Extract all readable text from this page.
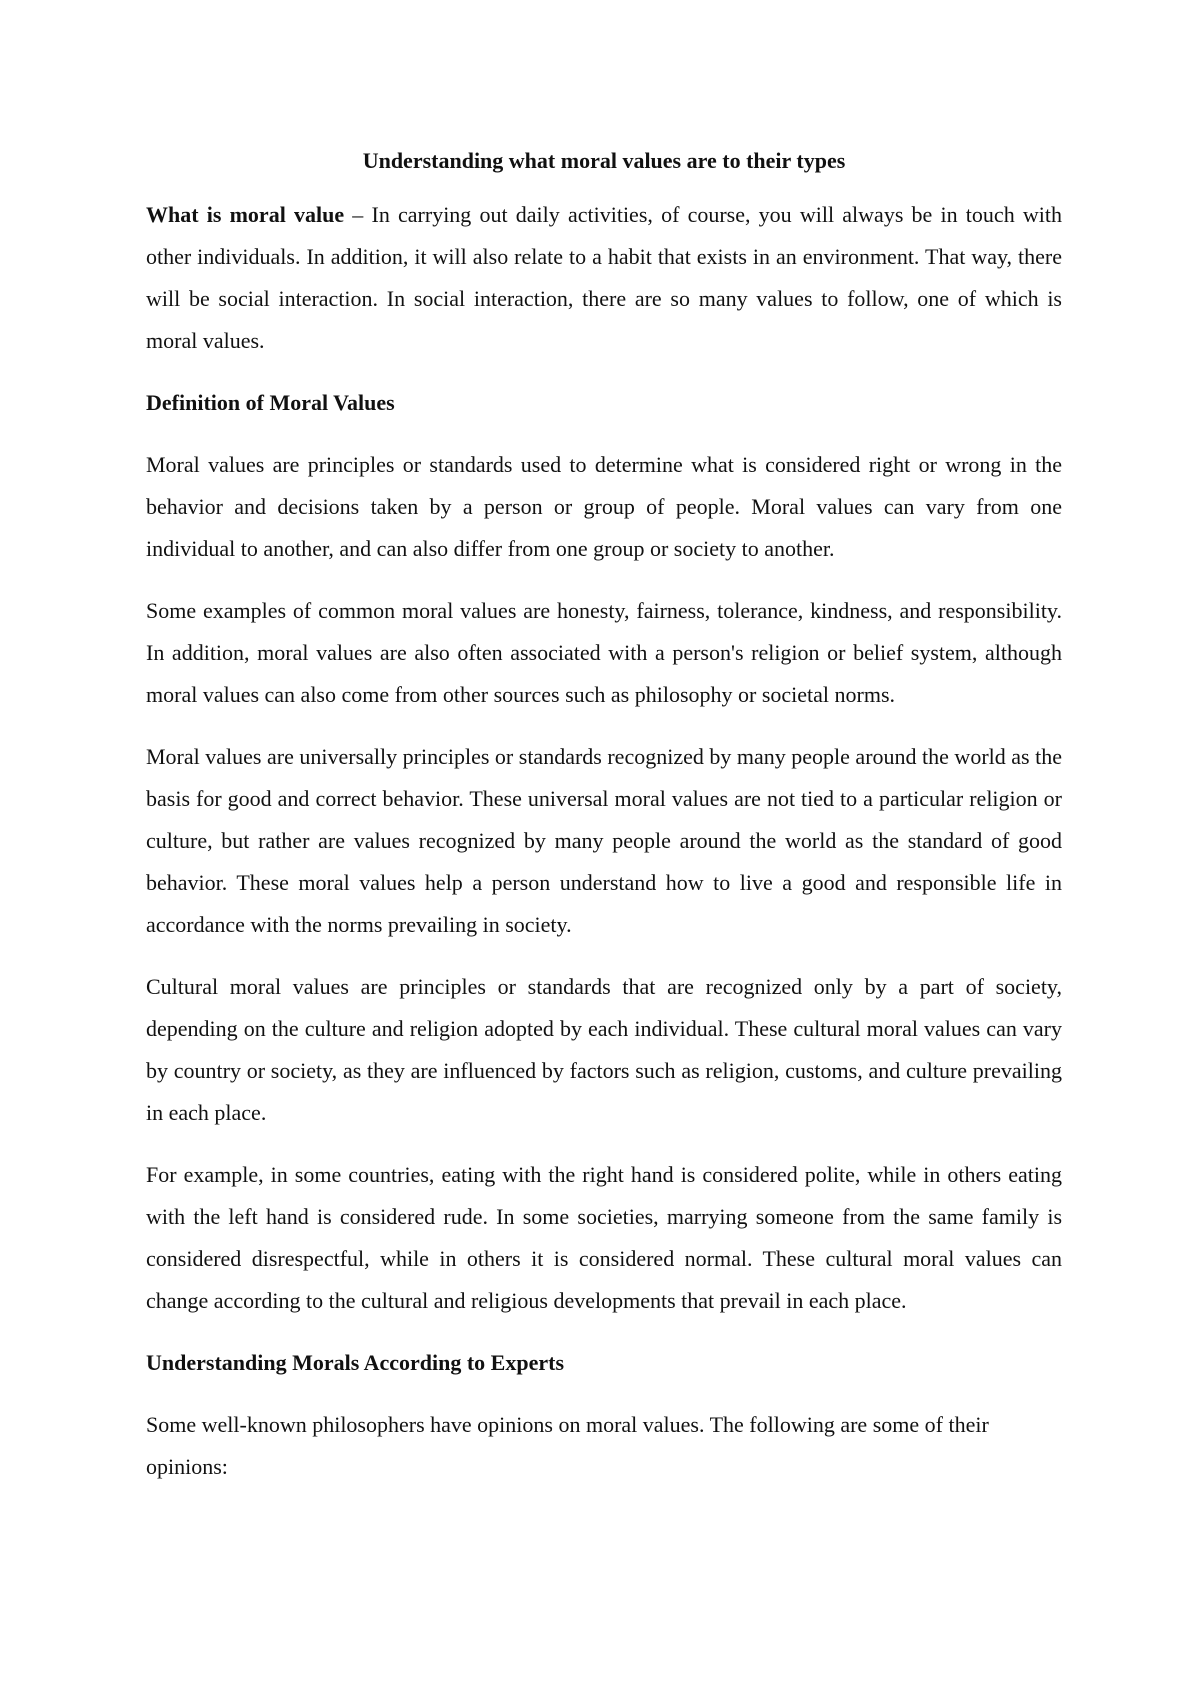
Understanding what moral values are to their types

What is moral value – In carrying out daily activities, of course, you will always be in touch with other individuals. In addition, it will also relate to a habit that exists in an environment. That way, there will be social interaction. In social interaction, there are so many values to follow, one of which is moral values.

Definition of Moral Values

Moral values are principles or standards used to determine what is considered right or wrong in the behavior and decisions taken by a person or group of people. Moral values can vary from one individual to another, and can also differ from one group or society to another.

Some examples of common moral values are honesty, fairness, tolerance, kindness, and responsibility. In addition, moral values are also often associated with a person's religion or belief system, although moral values can also come from other sources such as philosophy or societal norms.

Moral values are universally principles or standards recognized by many people around the world as the basis for good and correct behavior. These universal moral values are not tied to a particular religion or culture, but rather are values recognized by many people around the world as the standard of good behavior. These moral values help a person understand how to live a good and responsible life in accordance with the norms prevailing in society.

Cultural moral values are principles or standards that are recognized only by a part of society, depending on the culture and religion adopted by each individual. These cultural moral values can vary by country or society, as they are influenced by factors such as religion, customs, and culture prevailing in each place.

For example, in some countries, eating with the right hand is considered polite, while in others eating with the left hand is considered rude. In some societies, marrying someone from the same family is considered disrespectful, while in others it is considered normal. These cultural moral values can change according to the cultural and religious developments that prevail in each place.

Understanding Morals According to Experts

Some well-known philosophers have opinions on moral values. The following are some of their opinions:
